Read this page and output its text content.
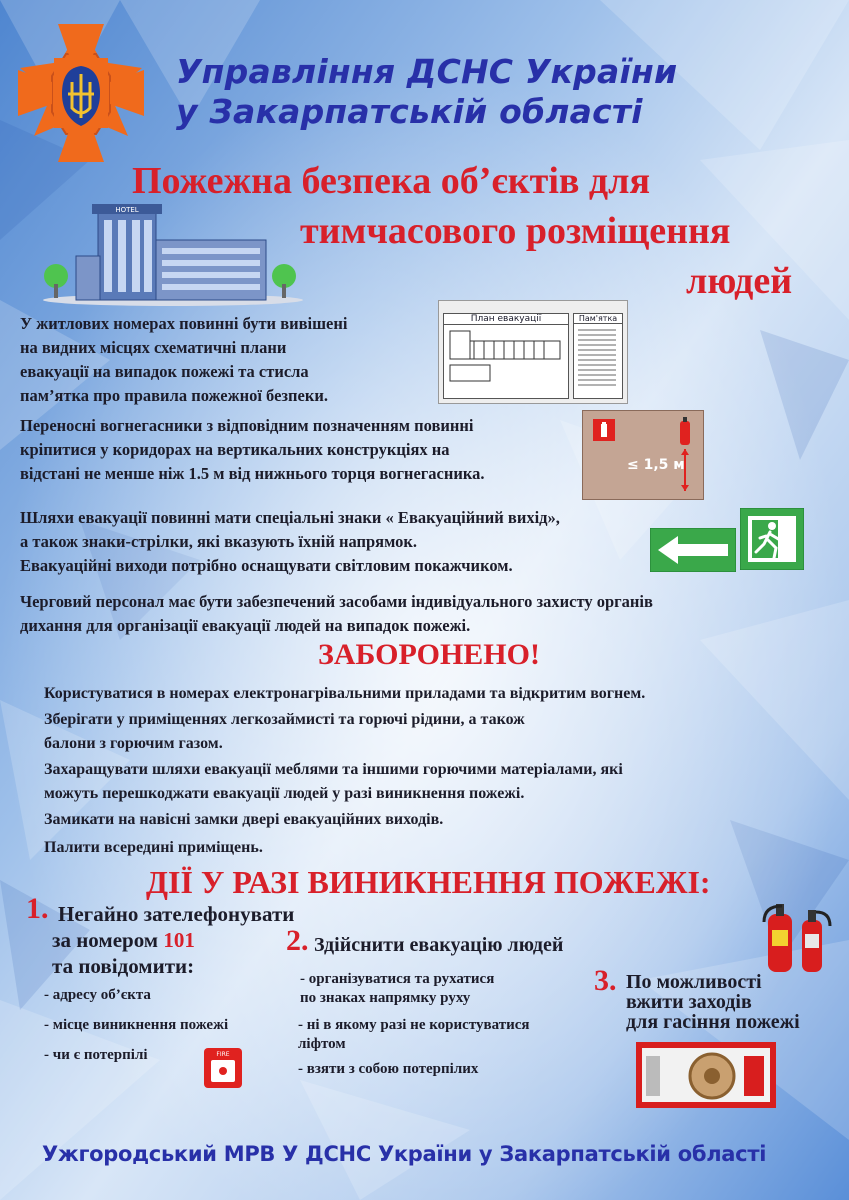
Управління ДСНС України
у Закарпатській області
Пожежна безпека об’єктів для
тимчасового розміщення
людей
HOTEL
У житлових номерах повинні бути вивішені
на видних місцях схематичні плани
евакуації на випадок пожежі та стисла
пам’ятка про правила пожежної безпеки.
Переносні вогнегасники з відповідним позначенням повинні
кріпитися у коридорах на вертикальних конструкціях на
відстані не менше ніж 1.5 м від нижнього торця вогнегасника.
Шляхи евакуації повинні мати спеціальні знаки « Евакуаційний вихід»,
а також знаки-стрілки, які вказують їхній напрямок.
Евакуаційні виходи потрібно оснащувати світловим покажчиком.
Черговий персонал має бути забезпечений засобами індивідуального захисту органів
дихання для організації евакуації людей на випадок пожежі.
План евакуації	Пам'ятка
≤ 1,5 м
ЗАБОРОНЕНО!
Користуватися в номерах електронагрівальними приладами та відкритим вогнем.
Зберігати у приміщеннях легкозаймисті та горючі рідини, а також
балони з горючим газом.
Захаращувати шляхи евакуації меблями та іншими горючими матеріалами, які
можуть перешкоджати евакуації людей у разі виникнення пожежі.
Замикати на навісні замки двері евакуаційних виходів.
Палити всередині приміщень.
ДІЇ У РАЗІ ВИНИКНЕННЯ ПОЖЕЖІ:
1. Негайно зателефонувати
за номером 101
та повідомити:
- адресу об’єкта
- місце виникнення пожежі
- чи є потерпілі	FIRE
2. Здійснити евакуацію людей
- організуватися та рухатися
по знаках напрямку руху
- ні в якому разі не користуватися
ліфтом
- взяти з собою потерпілих
3. По можливості
вжити заходів
для гасіння пожежі
Ужгородський МРВ У ДСНС України у Закарпатській області
